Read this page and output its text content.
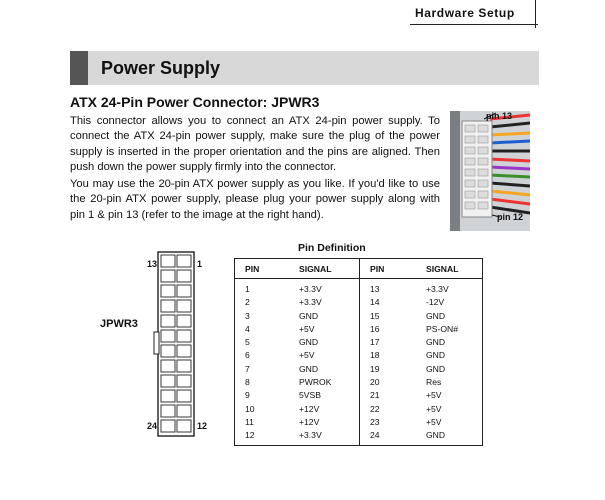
Hardware Setup
Power Supply
ATX 24-Pin Power Connector: JPWR3
This connector allows you to connect an ATX 24-pin power supply. To connect the ATX 24-pin power supply, make sure the plug of the power supply is inserted in the proper orientation and the pins are aligned. Then push down the power supply firmly into the connector.
You may use the 20-pin ATX power supply as you like. If you'd like to use the 20-pin ATX power supply, please plug your power supply along with pin 1 & pin 13 (refer to the image at the right hand).
pin 13
pin 12
13	1
24	12
JPWR3
Pin Definition
PIN	SIGNAL	PIN	SIGNAL
1	+3.3V	13	+3.3V
2	+3.3V	14	-12V
3	GND	15	GND
4	+5V	16	PS-ON#
5	GND	17	GND
6	+5V	18	GND
7	GND	19	GND
8	PWROK	20	Res
9	5VSB	21	+5V
10	+12V	22	+5V
11	+12V	23	+5V
12	+3.3V	24	GND
